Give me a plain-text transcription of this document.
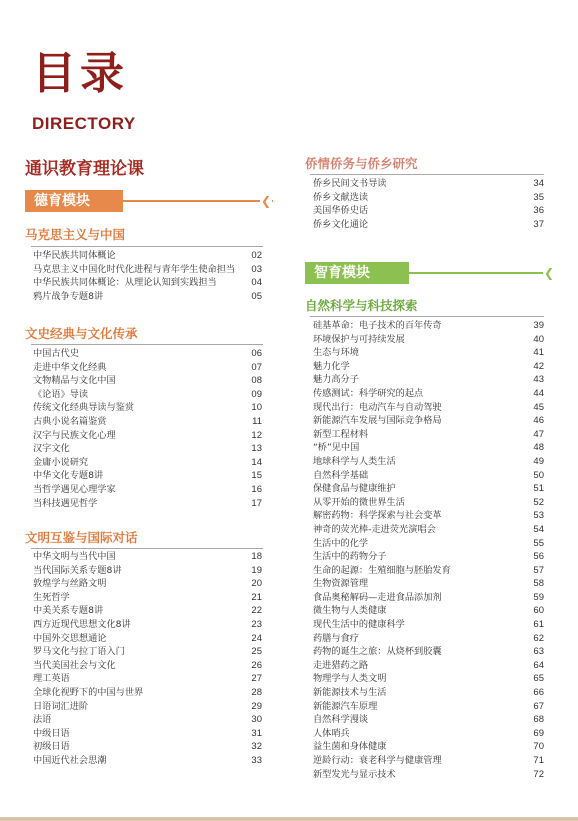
目录
DIRECTORY
通识教育理论课
德育模块	❮
马克思主义与中国
中华民族共同体概论	02
马克思主义中国化时代化进程与青年学生使命担当	03
中华民族共同体概论：从理论认知到实践担当	04
鸦片战争专题8讲	05
文史经典与文化传承
中国古代史	06
走进中华文化经典	07
文物精品与文化中国	08
《论语》导读	09
传统文化经典导读与鉴赏	10
古典小说名篇鉴赏	11
汉字与民族文化心理	12
汉字文化	13
金庸小说研究	14
中华文化专题8讲	15
当哲学遇见心理学家	16
当科技遇见哲学	17
文明互鉴与国际对话
中华文明与当代中国	18
当代国际关系专题8讲	19
敦煌学与丝路文明	20
生死哲学	21
中美关系专题8讲	22
西方近现代思想文化8讲	23
中国外交思想通论	24
罗马文化与拉丁语入门	25
当代美国社会与文化	26
理工英语	27
全球化视野下的中国与世界	28
日语词汇进阶	29
法语	30
中级日语	31
初级日语	32
中国近代社会思潮	33
侨情侨务与侨乡研究
侨乡民间文书导读	34
侨乡文献选读	35
美国华侨史话	36
侨乡文化通论	37
智育模块	❮
自然科学与科技探索
硅基革命：电子技术的百年传奇	39
环境保护与可持续发展	40
生态与环境	41
魅力化学	42
魅力高分子	43
传感测试：科学研究的起点	44
现代出行：电动汽车与自动驾驶	45
新能源汽车发展与国际竞争格局	46
新型工程材料	47
“桥”见中国	48
地球科学与人类生活	49
自然科学基础	50
保健食品与健康维护	51
从零开始的微世界生活	52
解密药物：科学探索与社会变革	53
神奇的荧光棒-走进荧光演唱会	54
生活中的化学	55
生活中的药物分子	56
生命的起源：生殖细胞与胚胎发育	57
生物资源管理	58
食品奥秘解码—走进食品添加剂	59
微生物与人类健康	60
现代生活中的健康科学	61
药膳与食疗	62
药物的诞生之旅：从烧杯到胶囊	63
走进猎药之路	64
物理学与人类文明	65
新能源技术与生活	66
新能源汽车原理	67
自然科学漫谈	68
人体哨兵	69
益生菌和身体健康	70
逆龄行动：衰老科学与健康管理	71
新型发光与显示技术	72
